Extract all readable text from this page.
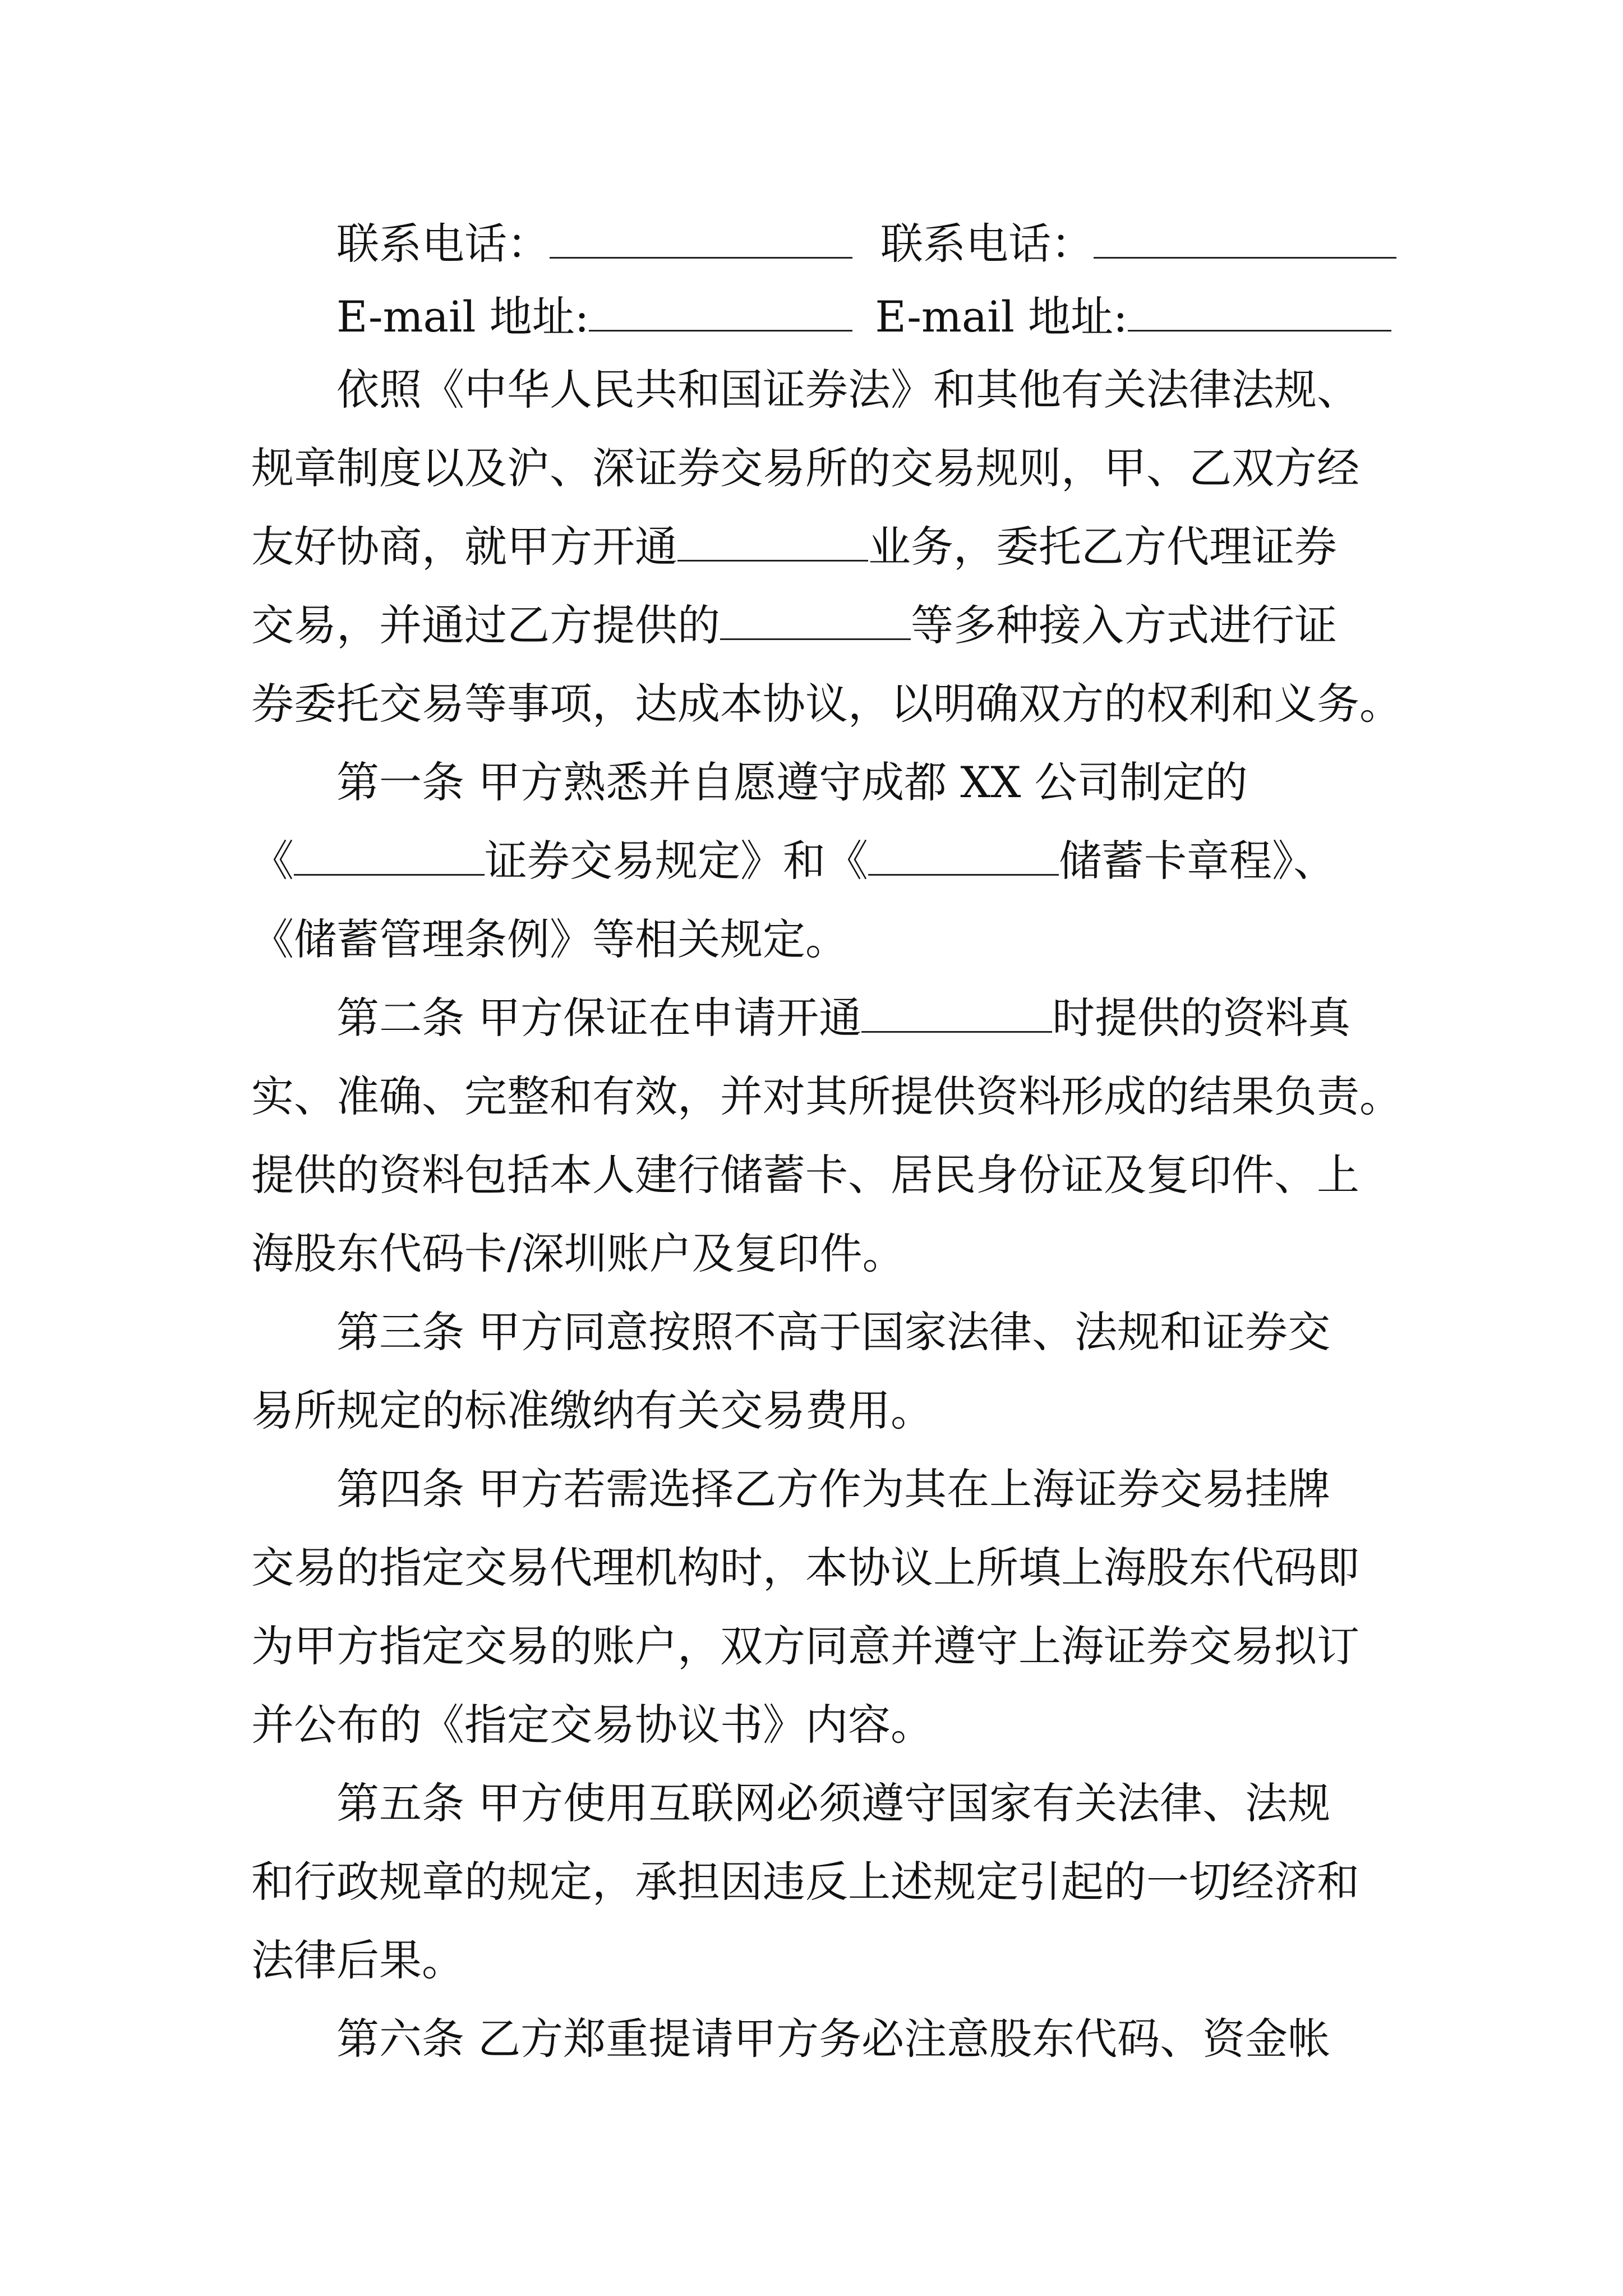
联系电话：	联系电话：
E-mail 地址:	E-mail 地址:
依照《中华人民共和国证券法》和其他有关法律法规、
规章制度以及沪、深证券交易所的交易规则，甲、乙双方经
友好协商，就甲方开通	业务，委托乙方代理证券
交易，并通过乙方提供的	等多种接入方式进行证
券委托交易等事项，达成本协议，以明确双方的权利和义务。
第一条 甲方熟悉并自愿遵守成都 XX 公司制定的
《	证券交易规定》和《	储蓄卡章程》、
《储蓄管理条例》等相关规定。
第二条 甲方保证在申请开通	时提供的资料真
实、准确、完整和有效，并对其所提供资料形成的结果负责。
提供的资料包括本人建行储蓄卡、居民身份证及复印件、上
海股东代码卡/深圳账户及复印件。
第三条 甲方同意按照不高于国家法律、法规和证券交
易所规定的标准缴纳有关交易费用。
第四条 甲方若需选择乙方作为其在上海证券交易挂牌
交易的指定交易代理机构时，本协议上所填上海股东代码即
为甲方指定交易的账户，双方同意并遵守上海证券交易拟订
并公布的《指定交易协议书》内容。
第五条 甲方使用互联网必须遵守国家有关法律、法规
和行政规章的规定，承担因违反上述规定引起的一切经济和
法律后果。
第六条 乙方郑重提请甲方务必注意股东代码、资金帐
